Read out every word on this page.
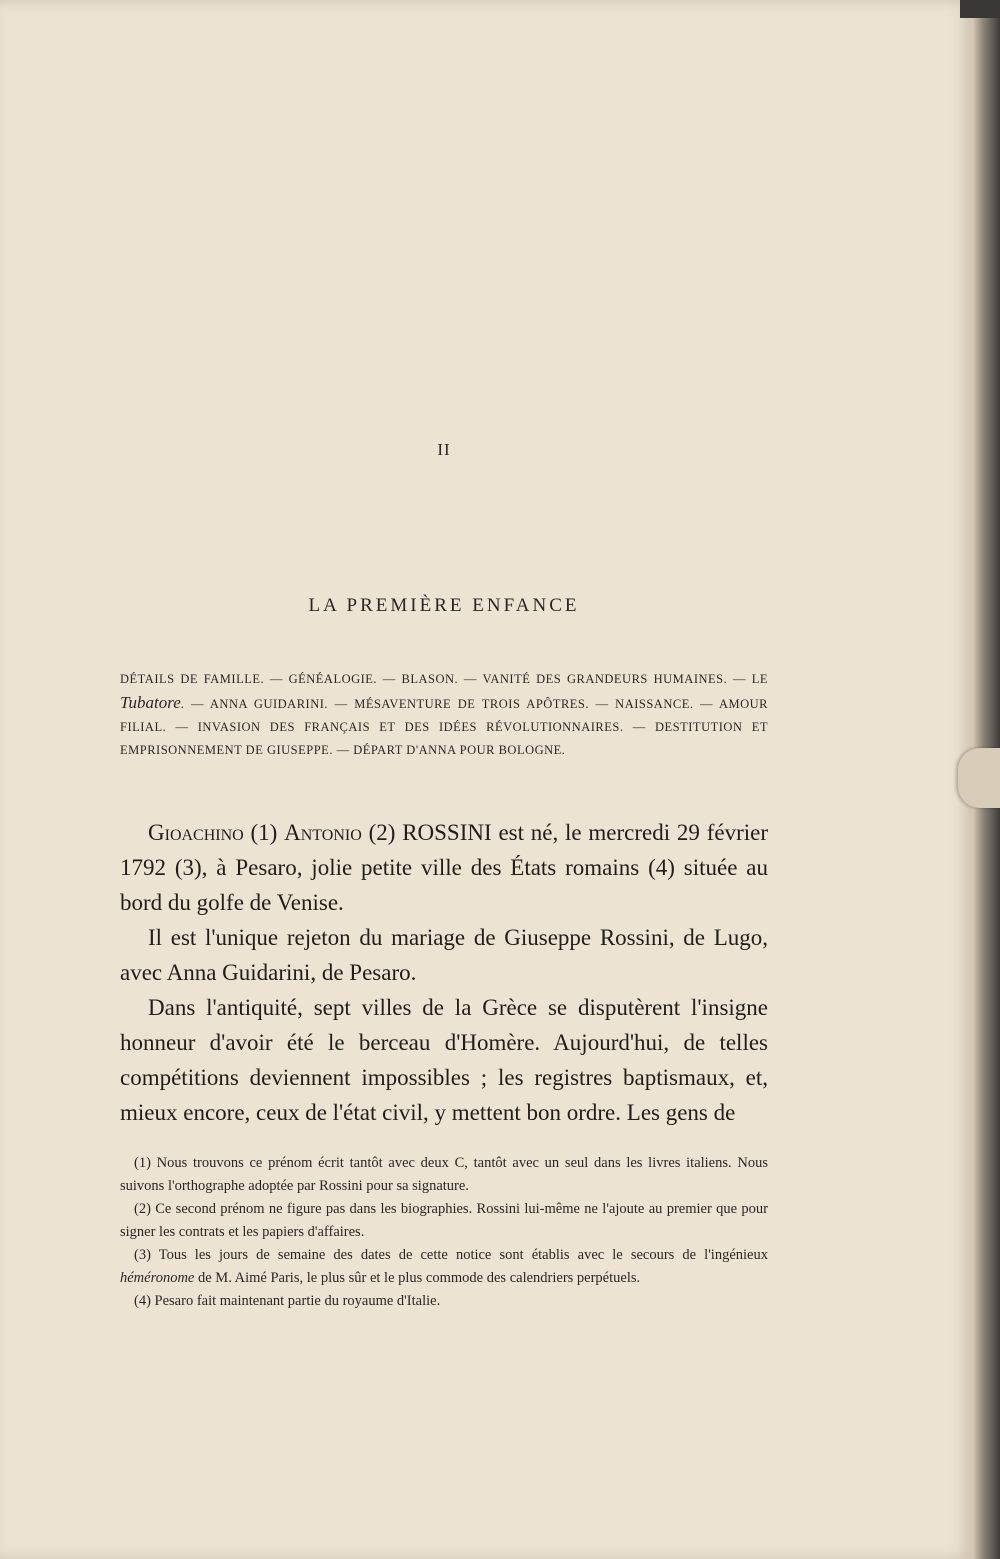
II
LA PREMIÈRE ENFANCE
DÉTAILS DE FAMILLE. — GÉNÉALOGIE. — BLASON. — VANITÉ DES GRANDEURS HUMAINES. — LE Tubatore. — ANNA GUIDARINI. — MÉSAVENTURE DE TROIS APÔTRES. — NAISSANCE. — AMOUR FILIAL. — INVASION DES FRANÇAIS ET DES IDÉES RÉVOLUTIONNAIRES. — DESTITUTION ET EMPRISONNEMENT DE GIUSEPPE. — DÉPART D'ANNA POUR BOLOGNE.

Gioachino (1) Antonio (2) ROSSINI est né, le mercredi 29 février 1792 (3), à Pesaro, jolie petite ville des États romains (4) située au bord du golfe de Venise.

Il est l'unique rejeton du mariage de Giuseppe Rossini, de Lugo, avec Anna Guidarini, de Pesaro.

Dans l'antiquité, sept villes de la Grèce se disputèrent l'insigne honneur d'avoir été le berceau d'Homère. Aujourd'hui, de telles compétitions deviennent impossibles ; les registres baptismaux, et, mieux encore, ceux de l'état civil, y mettent bon ordre. Les gens de

(1) Nous trouvons ce prénom écrit tantôt avec deux C, tantôt avec un seul dans les livres italiens. Nous suivons l'orthographe adoptée par Rossini pour sa signature.

(2) Ce second prénom ne figure pas dans les biographies. Rossini lui-même ne l'ajoute au premier que pour signer les contrats et les papiers d'affaires.

(3) Tous les jours de semaine des dates de cette notice sont établis avec le secours de l'ingénieux héméronome de M. Aimé Paris, le plus sûr et le plus commode des calendriers perpétuels.

(4) Pesaro fait maintenant partie du royaume d'Italie.
